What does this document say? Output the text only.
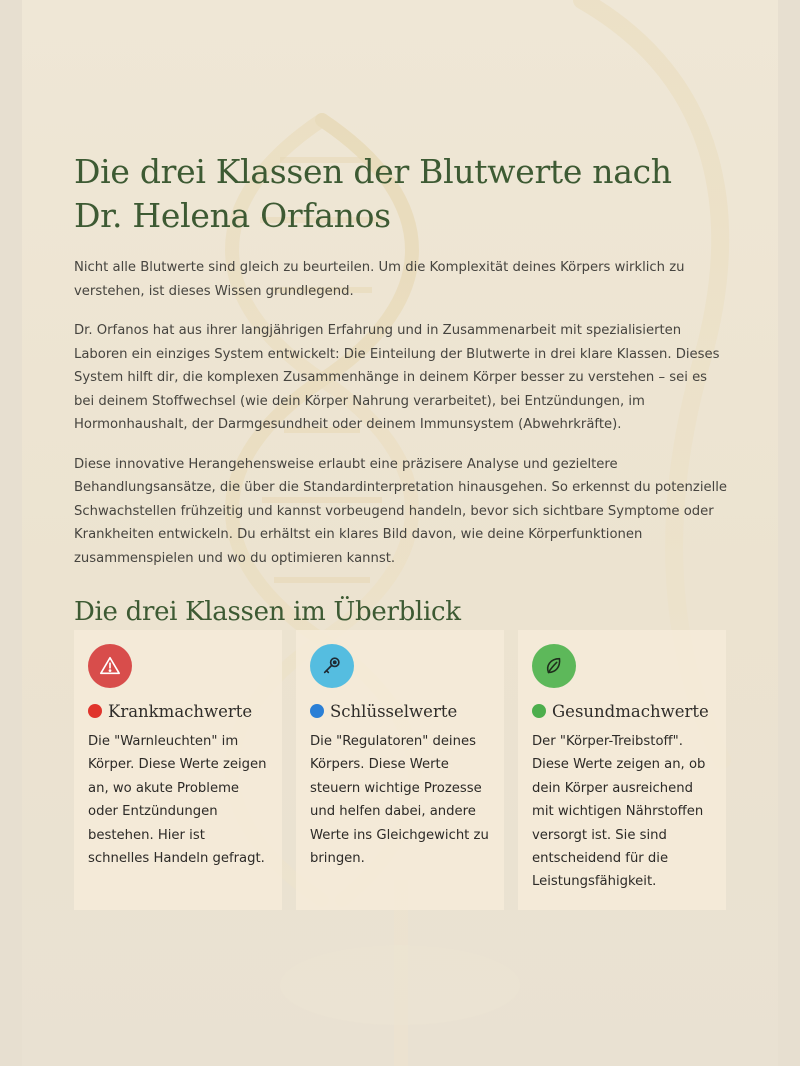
Die drei Klassen der Blutwerte nach Dr. Helena Orfanos

Nicht alle Blutwerte sind gleich zu beurteilen. Um die Komplexität deines Körpers wirklich zu verstehen, ist dieses Wissen grundlegend.

Dr. Orfanos hat aus ihrer langjährigen Erfahrung und in Zusammenarbeit mit spezialisierten Laboren ein einziges System entwickelt: Die Einteilung der Blutwerte in drei klare Klassen. Dieses System hilft dir, die komplexen Zusammenhänge in deinem Körper besser zu verstehen – sei es bei deinem Stoffwechsel (wie dein Körper Nahrung verarbeitet), bei Entzündungen, im Hormonhaushalt, der Darmgesundheit oder deinem Immunsystem (Abwehrkräfte).

Diese innovative Herangehensweise erlaubt eine präzisere Analyse und gezieltere Behandlungsansätze, die über die Standardinterpretation hinausgehen. So erkennst du potenzielle Schwachstellen frühzeitig und kannst vorbeugend handeln, bevor sich sichtbare Symptome oder Krankheiten entwickeln. Du erhältst ein klares Bild davon, wie deine Körperfunktionen zusammenspielen und wo du optimieren kannst.

Die drei Klassen im Überblick
Krankmachwerte

Die "Warnleuchten" im Körper. Diese Werte zeigen an, wo akute Probleme oder Entzündungen bestehen. Hier ist schnelles Handeln gefragt.

Schlüsselwerte

Die "Regulatoren" deines Körpers. Diese Werte steuern wichtige Prozesse und helfen dabei, andere Werte ins Gleichgewicht zu bringen.

Gesundmachwerte

Der "Körper-Treibstoff". Diese Werte zeigen an, ob dein Körper ausreichend mit wichtigen Nährstoffen versorgt ist. Sie sind entscheidend für die Leistungsfähigkeit.
